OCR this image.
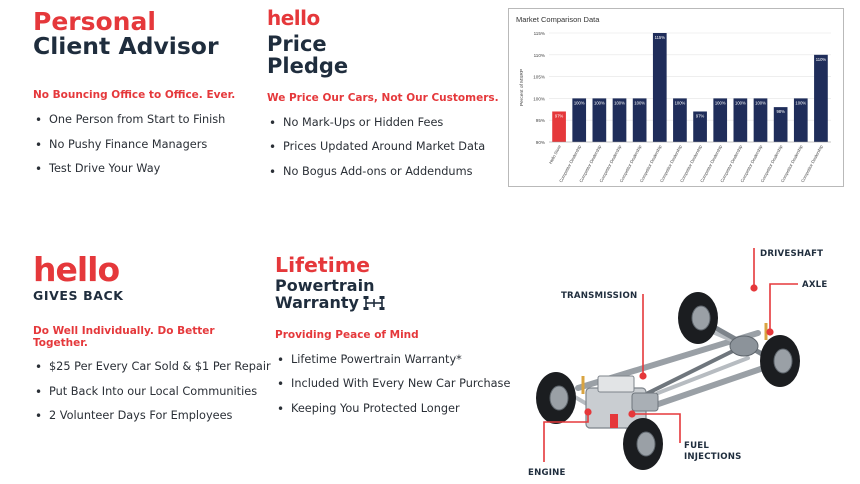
Personal
Client Advisor
No Bouncing Office to Office. Ever.
• One Person from Start to Finish
• No Pushy Finance Managers
• Test Drive Your Way
hello
Price
Pledge
We Price Our Cars, Not Our Customers.
• No Mark-Ups or Hidden Fees
• Prices Updated Around Market Data
• No Bogus Add-ons or Addendums
Market Comparison Data
90%
95%
100%
105%
110%
115%
Percent of MSRP
97%
Hello Store
100%
Competitor Dealership
100%
Competitor Dealership
100%
Competitor Dealership
100%
Competitor Dealership
115%
Competitor Dealership
100%
Competitor Dealership
97%
Competitor Dealership
100%
Competitor Dealership
100%
Competitor Dealership
100%
Competitor Dealership
98%
Competitor Dealership
100%
Competitor Dealership
110%
Competitor Dealership
hello
GIVES BACK
Do Well Individually. Do Better Together.
• $25 Per Every Car Sold & $1 Per Repair
• Put Back Into our Local Communities
• 2 Volunteer Days For Employees
Lifetime
Powertrain
Warranty
Providing Peace of Mind
• Lifetime Powertrain Warranty*
• Included With Every New Car Purchase
• Keeping You Protected Longer
DRIVESHAFT
AXLE
TRANSMISSION
FUEL
INJECTIONS
ENGINE
